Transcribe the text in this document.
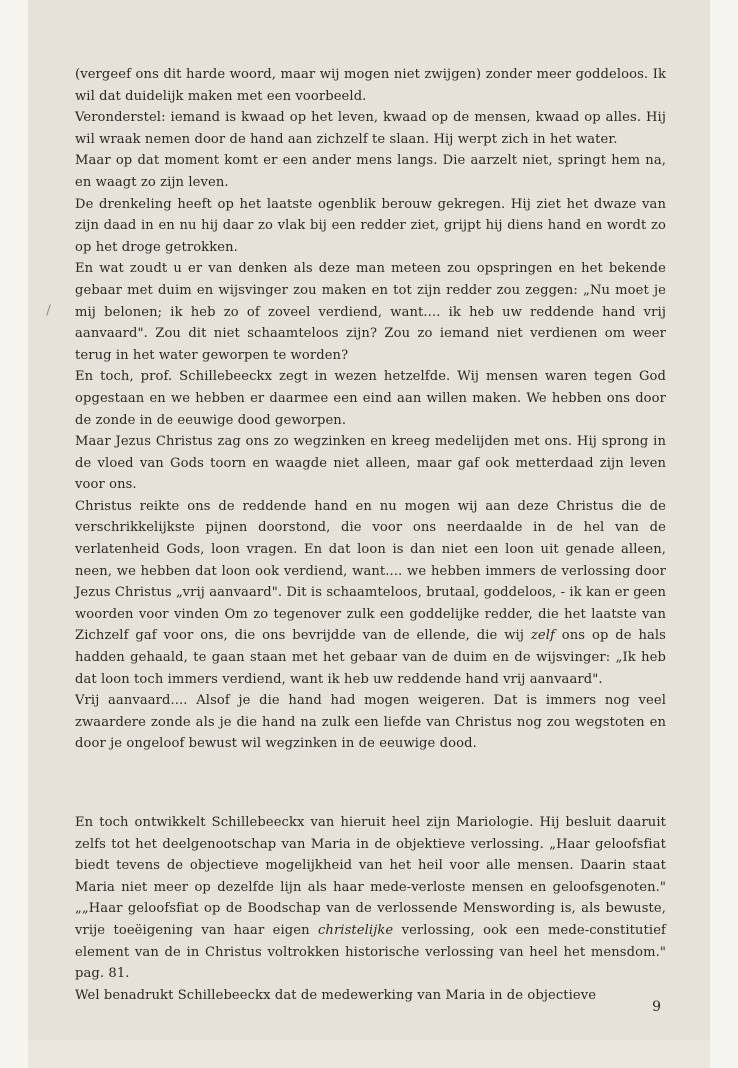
(vergeef ons dit harde woord, maar wij mogen niet zwijgen) zonder meer goddeloos. Ik wil dat duidelijk maken met een voorbeeld.

Veronderstel: iemand is kwaad op het leven, kwaad op de mensen, kwaad op alles. Hij wil wraak nemen door de hand aan zichzelf te slaan. Hij werpt zich in het water.

Maar op dat moment komt er een ander mens langs. Die aarzelt niet, springt hem na, en waagt zo zijn leven.

De drenkeling heeft op het laatste ogenblik berouw gekregen. Hij ziet het dwaze van zijn daad in en nu hij daar zo vlak bij een redder ziet, grijpt hij diens hand en wordt zo op het droge getrokken.

En wat zoudt u er van denken als deze man meteen zou opspringen en het bekende gebaar met duim en wijsvinger zou maken en tot zijn redder zou zeggen: „Nu moet je mij belonen; ik heb zo of zoveel verdiend, want.... ik heb uw reddende hand vrij aanvaard". Zou dit niet schaamteloos zijn? Zou zo iemand niet verdienen om weer terug in het water geworpen te worden?

En toch, prof. Schillebeeckx zegt in wezen hetzelfde. Wij mensen waren tegen God opgestaan en we hebben er daarmee een eind aan willen maken. We hebben ons door de zonde in de eeuwige dood geworpen.

Maar Jezus Christus zag ons zo wegzinken en kreeg medelijden met ons. Hij sprong in de vloed van Gods toorn en waagde niet alleen, maar gaf ook metterdaad zijn leven voor ons.

Christus reikte ons de reddende hand en nu mogen wij aan deze Christus die de verschrikkelijkste pijnen doorstond, die voor ons neerdaalde in de hel van de verlatenheid Gods, loon vragen. En dat loon is dan niet een loon uit genade alleen, neen, we hebben dat loon ook verdiend, want.... we hebben immers de verlossing door Jezus Christus „vrij aanvaard". Dit is schaamteloos, brutaal, goddeloos, - ik kan er geen woorden voor vinden Om zo tegenover zulk een goddelijke redder, die het laatste van Zichzelf gaf voor ons, die ons bevrijdde van de ellende, die wij zelf ons op de hals hadden gehaald, te gaan staan met het gebaar van de duim en de wijsvinger: „Ik heb dat loon toch immers verdiend, want ik heb uw reddende hand vrij aanvaard".

Vrij aanvaard.... Alsof je die hand had mogen weigeren. Dat is immers nog veel zwaardere zonde als je die hand na zulk een liefde van Christus nog zou wegstoten en door je ongeloof bewust wil wegzinken in de eeuwige dood.

En toch ontwikkelt Schillebeeckx van hieruit heel zijn Mariologie. Hij besluit daaruit zelfs tot het deelgenootschap van Maria in de objektieve verlossing. „Haar geloofsfiat biedt tevens de objectieve mogelijkheid van het heil voor alle mensen. Daarin staat Maria niet meer op dezelfde lijn als haar mede-verloste mensen en geloofsgenoten." „„Haar geloofsfiat op de Boodschap van de verlossende Menswording is, als bewuste, vrije toeëigening van haar eigen christelijke verlossing, ook een mede-constitutief element van de in Christus voltrokken historische verlossing van heel het mensdom." pag. 81.

Wel benadrukt Schillebeeckx dat de medewerking van Maria in de objectieve

9
